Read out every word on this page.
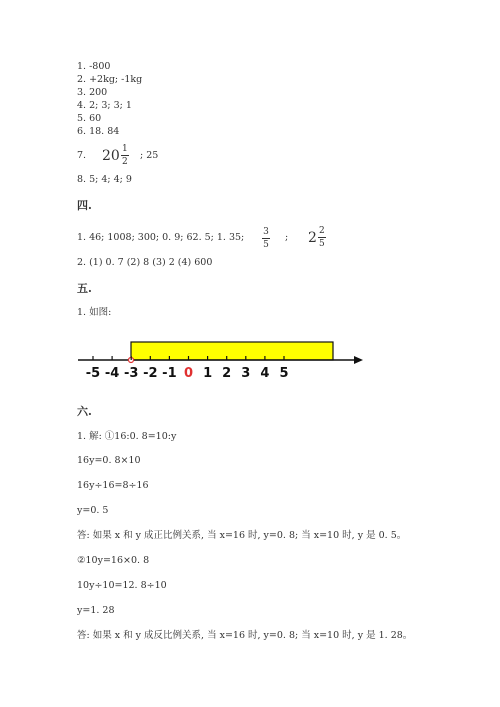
1. -800
2. +2kg; -1kg
3. 200
4. 2; 3; 3; 1
5. 60
6. 18. 84
7. $20 \frac{1}{2}$ ; 25
8. 5; 4; 4; 9
四.
1. 46; 1008; 300; 0. 9; 62. 5; 1. 35; 3
5
; $2 \frac{2}{5}$
2. (1) 0. 7 (2) 8 (3) 2 (4) 600
五.
1. 如图:
-5 -4 -3 -2 -1 0 1 2 3 4 5
六.
1. 解: ①16:0. 8=10:y
16y=0. 8×10
16y÷16=8÷16
y=0. 5
答: 如果 x 和 y 成正比例关系, 当 x=16 时, y=0. 8; 当 x=10 时, y 是 0. 5。
②10y=16×0. 8
10y÷10=12. 8÷10
y=1. 28
答: 如果 x 和 y 成反比例关系, 当 x=16 时, y=0. 8; 当 x=10 时, y 是 1. 28。
